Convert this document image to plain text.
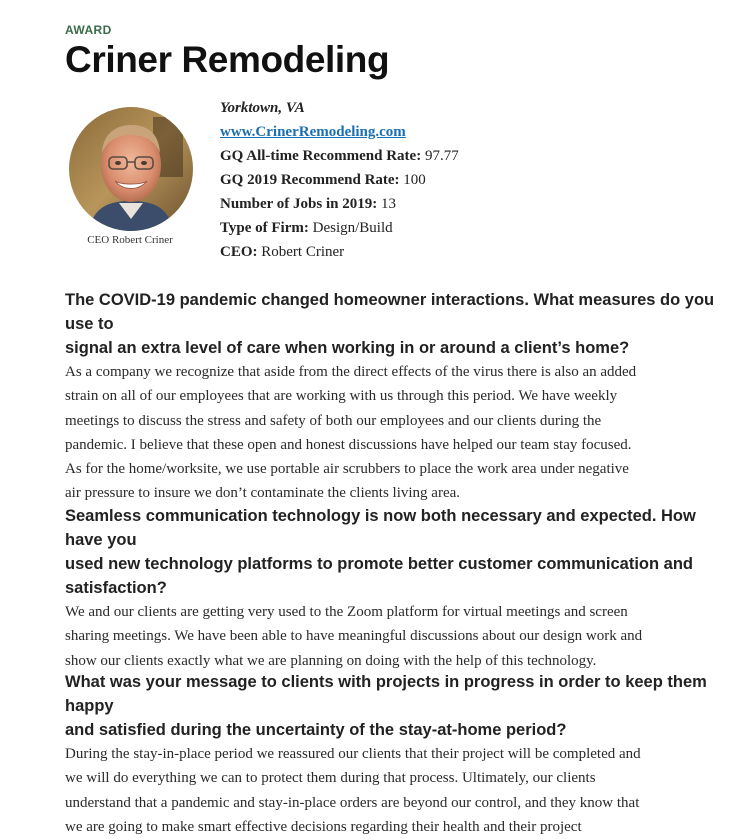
AWARD
Criner Remodeling
CEO Robert Criner
Yorktown, VA
www.CrinerRemodeling.com
GQ All-time Recommend Rate: 97.77
GQ 2019 Recommend Rate: 100
Number of Jobs in 2019: 13
Type of Firm: Design/Build
CEO: Robert Criner

The COVID-19 pandemic changed homeowner interactions. What measures do you use to
signal an extra level of care when working in or around a client’s home?

As a company we recognize that aside from the direct effects of the virus there is also an added
strain on all of our employees that are working with us through this period. We have weekly
meetings to discuss the stress and safety of both our employees and our clients during the
pandemic. I believe that these open and honest discussions have helped our team stay focused.
As for the home/worksite, we use portable air scrubbers to place the work area under negative
air pressure to insure we don’t contaminate the clients living area.

Seamless communication technology is now both necessary and expected. How have you
used new technology platforms to promote better customer communication and
satisfaction?

We and our clients are getting very used to the Zoom platform for virtual meetings and screen
sharing meetings. We have been able to have meaningful discussions about our design work and
show our clients exactly what we are planning on doing with the help of this technology.

What was your message to clients with projects in progress in order to keep them happy
and satisfied during the uncertainty of the stay-at-home period?

During the stay-in-place period we reassured our clients that their project will be completed and
we will do everything we can to protect them during that process. Ultimately, our clients
understand that a pandemic and stay-in-place orders are beyond our control, and they know that
we are going to make smart effective decisions regarding their health and their project
